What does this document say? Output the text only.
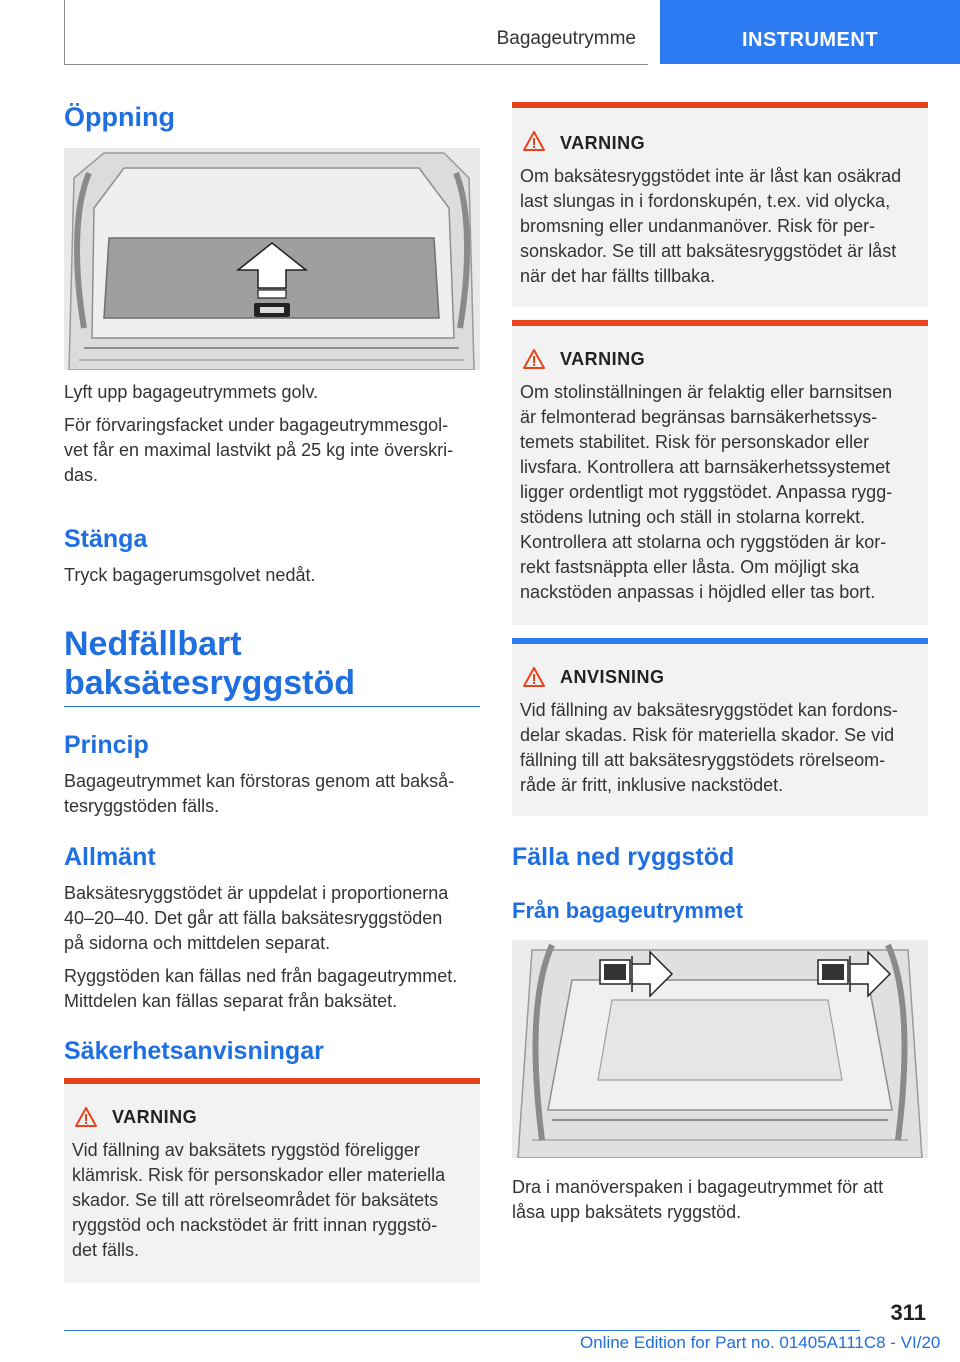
Bagageutrymme	INSTRUMENT
Öppning

Lyft upp bagageutrymmets golv.

För förvaringsfacket under bagageutrymmesgol-

vet får en maximal lastvikt på 25 kg inte överskri-

das.

Stänga

Tryck bagagerumsgolvet nedåt.

Nedfällbart
baksätesryggstöd
Princip

Bagageutrymmet kan förstoras genom att bakså-

tesryggstöden fälls.

Allmänt

Baksätesryggstödet är uppdelat i proportionerna

40–20–40. Det går att fälla baksätesryggstöden

på sidorna och mittdelen separat.

Ryggstöden kan fällas ned från bagageutrymmet.

Mittdelen kan fällas separat från baksätet.

Säkerhetsanvisningar
VARNING

Vid fällning av baksätets ryggstöd föreligger

klämrisk. Risk för personskador eller materiella

skador. Se till att rörelseområdet för baksätets

ryggstöd och nackstödet är fritt innan ryggstö-

det fälls.

VARNING

Om baksätesryggstödet inte är låst kan osäkrad

last slungas in i fordonskupén, t.ex. vid olycka,

bromsning eller undanmanöver. Risk för per-

sonskador. Se till att baksätesryggstödet är låst

när det har fällts tillbaka.

VARNING

Om stolinställningen är felaktig eller barnsitsen

är felmonterad begränsas barnsäkerhetssys-

temets stabilitet. Risk för personskador eller

livsfara. Kontrollera att barnsäkerhetssystemet

ligger ordentligt mot ryggstödet. Anpassa rygg-

stödens lutning och ställ in stolarna korrekt.

Kontrollera att stolarna och ryggstöden är kor-

rekt fastsnäppta eller låsta. Om möjligt ska

nackstöden anpassas i höjdled eller tas bort.

ANVISNING

Vid fällning av baksätesryggstödet kan fordons-

delar skadas. Risk för materiella skador. Se vid

fällning till att baksätesryggstödets rörelseom-

råde är fritt, inklusive nackstödet.

Fälla ned ryggstöd
Från bagageutrymmet

Dra i manöverspaken i bagageutrymmet för att

låsa upp baksätets ryggstöd.

311
Online Edition for Part no. 01405A111C8 - VI/20
